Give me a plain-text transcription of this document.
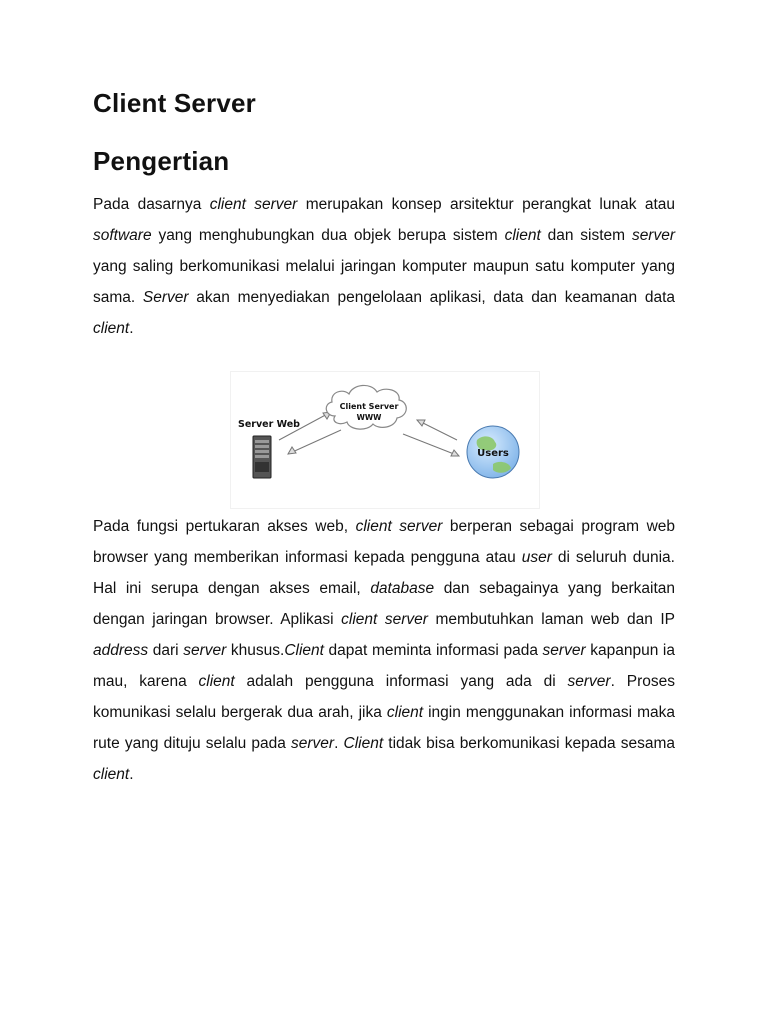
Client Server
Pengertian

Pada dasarnya client server merupakan konsep arsitektur perangkat lunak atau software yang menghubungkan dua objek berupa sistem client dan sistem server yang saling berkomunikasi melalui jaringan komputer maupun satu komputer yang sama. Server akan menyediakan pengelolaan aplikasi, data dan keamanan data client.

Server Web
Client Server
WWW
Users

Pada fungsi pertukaran akses web, client server berperan sebagai program web browser yang memberikan informasi kepada pengguna atau user di seluruh dunia. Hal ini serupa dengan akses email, database dan sebagainya yang berkaitan dengan jaringan browser. Aplikasi client server membutuhkan laman web dan IP address dari server khusus.Client dapat meminta informasi pada server kapanpun ia mau, karena client adalah pengguna informasi yang ada di server. Proses komunikasi selalu bergerak dua arah, jika client ingin menggunakan informasi maka rute yang dituju selalu pada server. Client tidak bisa berkomunikasi kepada sesama client.
